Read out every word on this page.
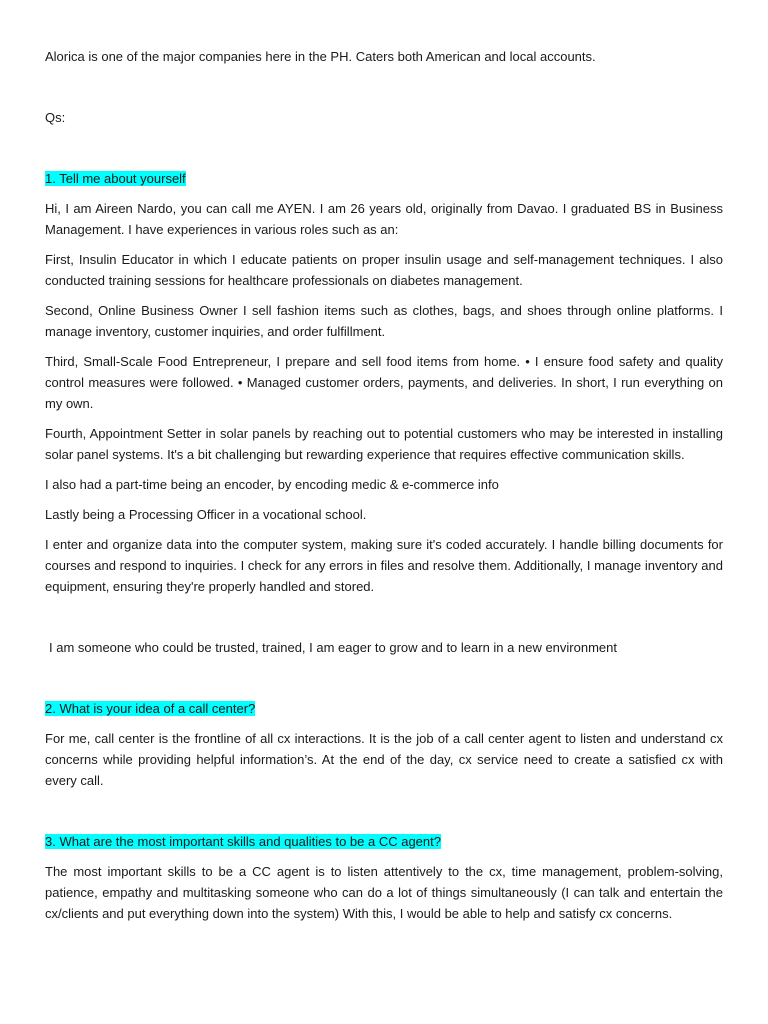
Alorica is one of the major companies here in the PH. Caters both American and local accounts.

Qs:

1. Tell me about yourself

Hi, I am Aireen Nardo, you can call me AYEN. I am 26 years old, originally from Davao. I graduated BS in Business Management. I have experiences in various roles such as an:

First, Insulin Educator in which I educate patients on proper insulin usage and self-management techniques. I also conducted training sessions for healthcare professionals on diabetes management.

Second, Online Business Owner I sell fashion items such as clothes, bags, and shoes through online platforms. I manage inventory, customer inquiries, and order fulfillment.

Third, Small-Scale Food Entrepreneur, I prepare and sell food items from home. • I ensure food safety and quality control measures were followed. • Managed customer orders, payments, and deliveries. In short, I run everything on my own.

Fourth, Appointment Setter in solar panels by reaching out to potential customers who may be interested in installing solar panel systems. It's a bit challenging but rewarding experience that requires effective communication skills.

I also had a part-time being an encoder, by encoding medic & e-commerce info

Lastly being a Processing Officer in a vocational school.

I enter and organize data into the computer system, making sure it's coded accurately. I handle billing documents for courses and respond to inquiries. I check for any errors in files and resolve them. Additionally, I manage inventory and equipment, ensuring they're properly handled and stored.

I am someone who could be trusted, trained, I am eager to grow and to learn in a new environment

2. What is your idea of a call center?

For me, call center is the frontline of all cx interactions. It is the job of a call center agent to listen and understand cx concerns while providing helpful information’s. At the end of the day, cx service need to create a satisfied cx with every call.

3. What are the most important skills and qualities to be a CC agent?

The most important skills to be a CC agent is to listen attentively to the cx, time management, problem-solving, patience, empathy and multitasking someone who can do a lot of things simultaneously (I can talk and entertain the cx/clients and put everything down into the system) With this, I would be able to help and satisfy cx concerns.
